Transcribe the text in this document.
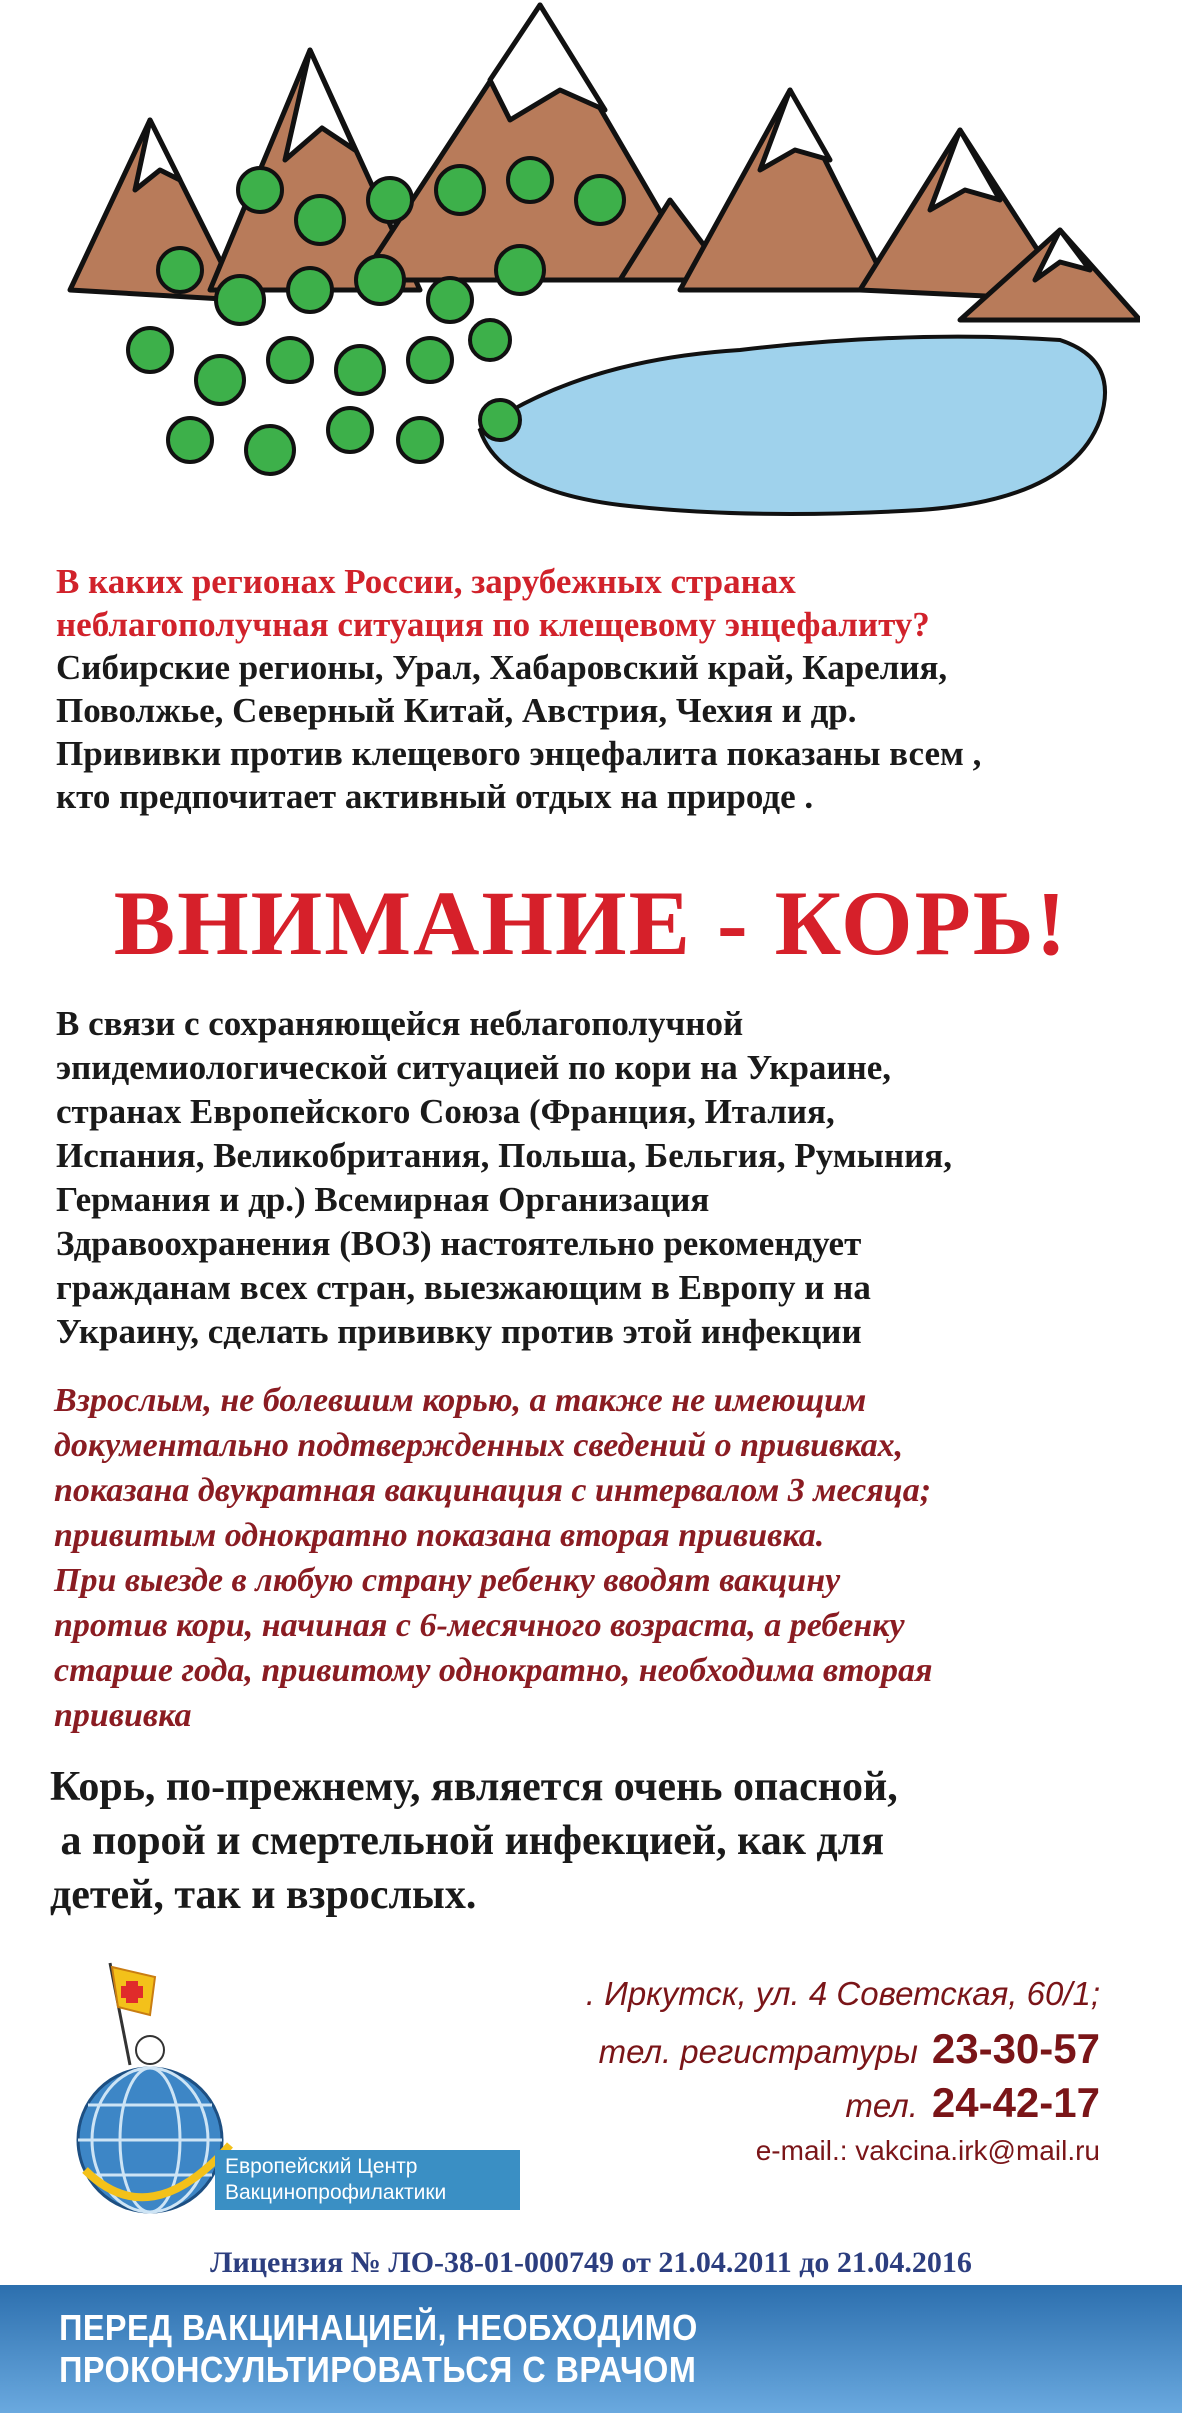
В каких регионах России, зарубежных странах

неблагополучная ситуация по клещевому энцефалиту?

Сибирские регионы, Урал, Хабаровский край, Карелия,

Поволжье, Северный Китай, Австрия, Чехия и др.

Прививки против клещевого энцефалита показаны всем ,

кто предпочитает активный отдых на природе .

ВНИМАНИЕ - КОРЬ!
В связи с сохраняющейся неблагополучной
эпидемиологической ситуацией по кори на Украине,
странах Европейского Союза (Франция, Италия,
Испания, Великобритания, Польша, Бельгия, Румыния,
Германия и др.) Всемирная Организация
Здравоохранения (ВОЗ) настоятельно рекомендует
гражданам всех стран, выезжающим в Европу и на
Украину, сделать прививку против этой инфекции
Взрослым, не болевшим корью, а также не имеющим
документально подтвержденных сведений о прививках,
показана двукратная вакцинация с интервалом 3 месяца;
привитым однократно показана вторая прививка.
При выезде в любую страну ребенку вводят вакцину
против кори, начиная с 6-месячного возраста, а ребенку
старше года, привитому однократно, необходима вторая
прививка
Корь, по-прежнему, является очень опасной,
а порой и смертельной инфекцией, как для
детей, так и взрослых.
Европейский Центр
Вакцинопрофилактики

. Иркутск, ул. 4 Советская, 60/1;

тел. регистратуры 23-30-57

тел. 24-42-17

e-mail.: vakcina.irk@mail.ru

Лицензия № ЛО-38-01-000749 от 21.04.2011 до 21.04.2016

ПЕРЕД ВАКЦИНАЦИЕЙ, НЕОБХОДИМО ПРОКОНСУЛЬТИРОВАТЬСЯ С ВРАЧОМ
